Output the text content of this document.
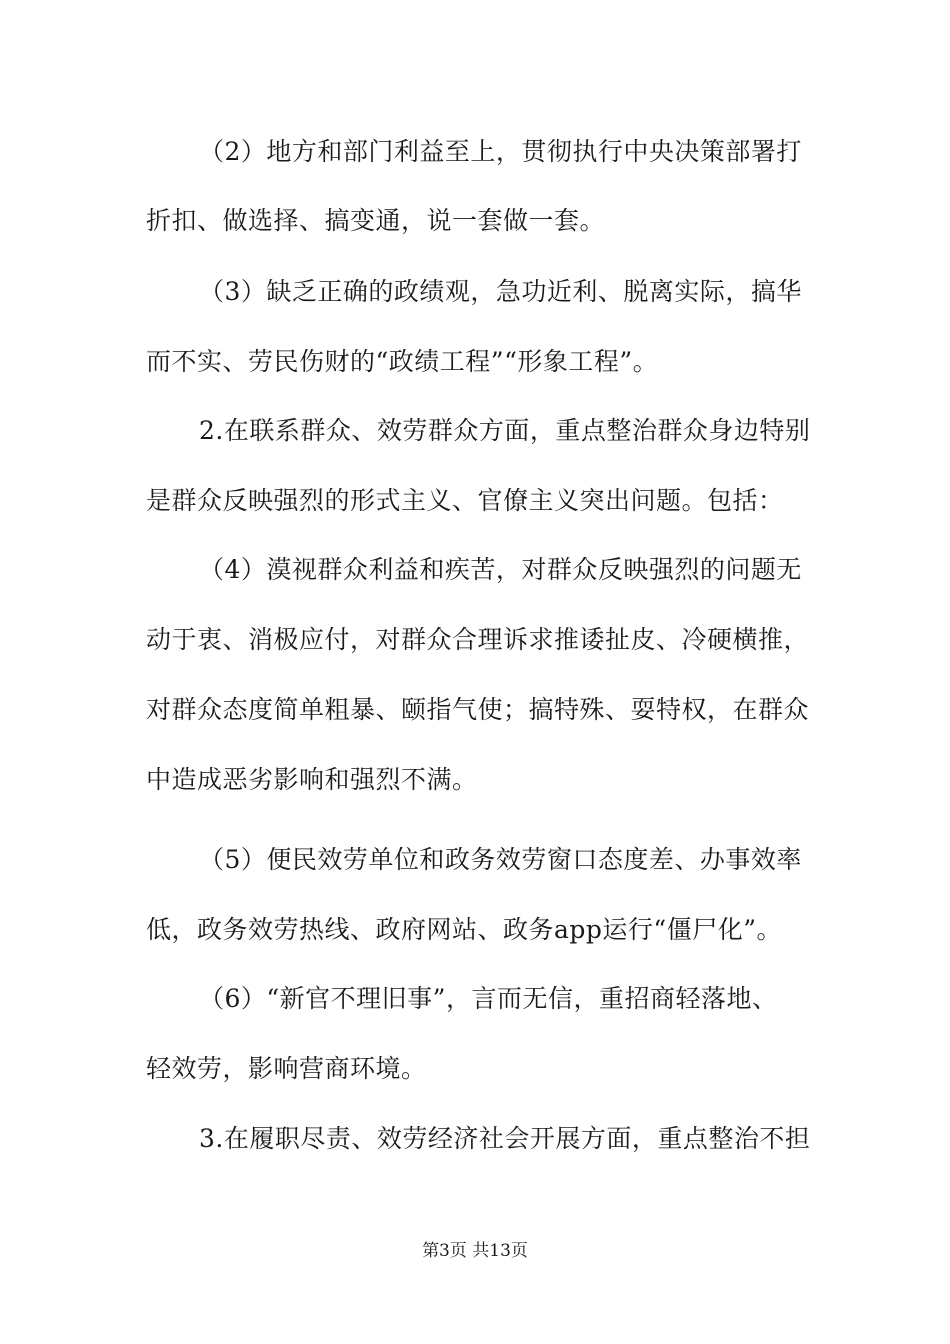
（2）地方和部门利益至上，贯彻执行中央决策部署打
折扣、做选择、搞变通，说一套做一套。
（3）缺乏正确的政绩观，急功近利、脱离实际，搞华
而不实、劳民伤财的“政绩工程”“形象工程”。
2.在联系群众、效劳群众方面，重点整治群众身边特别
是群众反映强烈的形式主义、官僚主义突出问题。包括：
（4）漠视群众利益和疾苦，对群众反映强烈的问题无
动于衷、消极应付，对群众合理诉求推诿扯皮、冷硬横推，
对群众态度简单粗暴、颐指气使；搞特殊、耍特权，在群众
中造成恶劣影响和强烈不满。
（5）便民效劳单位和政务效劳窗口态度差、办事效率
低，政务效劳热线、政府网站、政务app运行“僵尸化”。
（6）“新官不理旧事”，言而无信，重招商轻落地、
轻效劳，影响营商环境。
3.在履职尽责、效劳经济社会开展方面，重点整治不担
第3页 共13页
